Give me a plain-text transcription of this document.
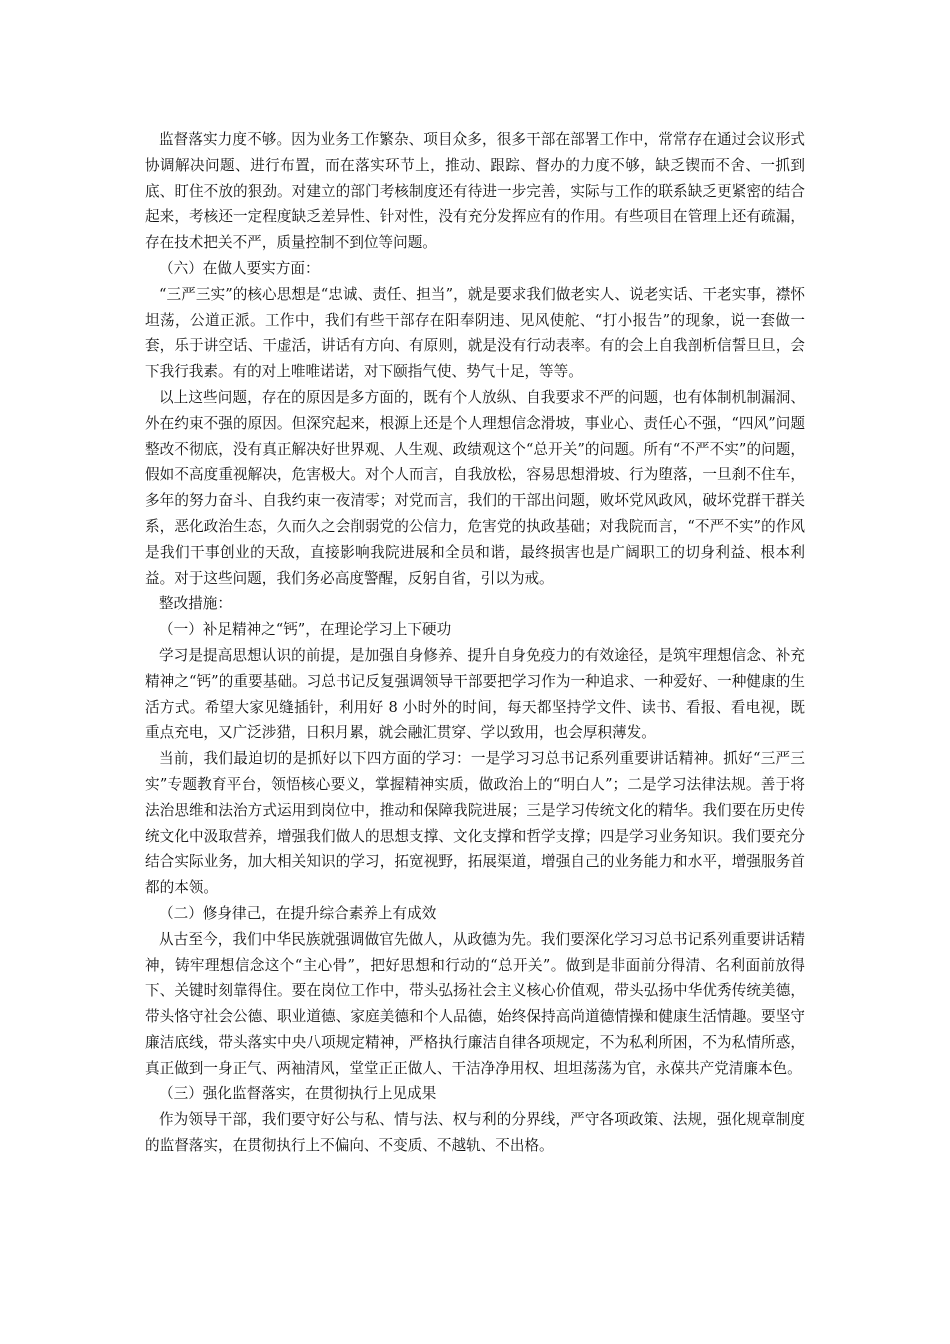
监督落实力度不够。因为业务工作繁杂、项目众多，很多干部在部署工作中，常常存在通过会议形式协调解决问题、进行布置，而在落实环节上，推动、跟踪、督办的力度不够，缺乏锲而不舍、一抓到底、盯住不放的狠劲。对建立的部门考核制度还有待进一步完善，实际与工作的联系缺乏更紧密的结合起来，考核还一定程度缺乏差异性、针对性，没有充分发挥应有的作用。有些项目在管理上还有疏漏，存在技术把关不严，质量控制不到位等问题。

（六）在做人要实方面：

“三严三实”的核心思想是“忠诚、责任、担当”，就是要求我们做老实人、说老实话、干老实事，襟怀坦荡，公道正派。工作中，我们有些干部存在阳奉阴违、见风使舵、“打小报告”的现象，说一套做一套，乐于讲空话、干虚活，讲话有方向、有原则，就是没有行动表率。有的会上自我剖析信誓旦旦，会下我行我素。有的对上唯唯诺诺，对下颐指气使、势气十足，等等。

以上这些问题，存在的原因是多方面的，既有个人放纵、自我要求不严的问题，也有体制机制漏洞、外在约束不强的原因。但深究起来，根源上还是个人理想信念滑坡，事业心、责任心不强，“四风”问题整改不彻底，没有真正解决好世界观、人生观、政绩观这个“总开关”的问题。所有“不严不实”的问题，假如不高度重视解决，危害极大。对个人而言，自我放松，容易思想滑坡、行为堕落，一旦刹不住车，多年的努力奋斗、自我约束一夜清零；对党而言，我们的干部出问题，败坏党风政风，破坏党群干群关系，恶化政治生态，久而久之会削弱党的公信力，危害党的执政基础；对我院而言，“不严不实”的作风是我们干事创业的天敌，直接影响我院进展和全员和谐，最终损害也是广阔职工的切身利益、根本利益。对于这些问题，我们务必高度警醒，反躬自省，引以为戒。

整改措施：

（一）补足精神之“钙”，在理论学习上下硬功

学习是提高思想认识的前提，是加强自身修养、提升自身免疫力的有效途径，是筑牢理想信念、补充精神之“钙”的重要基础。习总书记反复强调领导干部要把学习作为一种追求、一种爱好、一种健康的生活方式。希望大家见缝插针，利用好 8 小时外的时间，每天都坚持学文件、读书、看报、看电视，既重点充电，又广泛涉猎，日积月累，就会融汇贯穿、学以致用，也会厚积薄发。

当前，我们最迫切的是抓好以下四方面的学习：一是学习习总书记系列重要讲话精神。抓好“三严三实”专题教育平台，领悟核心要义，掌握精神实质，做政治上的“明白人”；二是学习法律法规。善于将法治思维和法治方式运用到岗位中，推动和保障我院进展；三是学习传统文化的精华。我们要在历史传统文化中汲取营养，增强我们做人的思想支撑、文化支撑和哲学支撑；四是学习业务知识。我们要充分结合实际业务，加大相关知识的学习，拓宽视野，拓展渠道，增强自己的业务能力和水平，增强服务首都的本领。

（二）修身律己，在提升综合素养上有成效

从古至今，我们中华民族就强调做官先做人，从政德为先。我们要深化学习习总书记系列重要讲话精神，铸牢理想信念这个“主心骨”，把好思想和行动的“总开关”。做到是非面前分得清、名利面前放得下、关键时刻靠得住。要在岗位工作中，带头弘扬社会主义核心价值观，带头弘扬中华优秀传统美德，带头恪守社会公德、职业道德、家庭美德和个人品德，始终保持高尚道德情操和健康生活情趣。要坚守廉洁底线，带头落实中央八项规定精神，严格执行廉洁自律各项规定，不为私利所困，不为私情所惑，真正做到一身正气、两袖清风，堂堂正正做人、干洁净净用权、坦坦荡荡为官，永葆共产党清廉本色。

（三）强化监督落实，在贯彻执行上见成果

作为领导干部，我们要守好公与私、情与法、权与利的分界线，严守各项政策、法规，强化规章制度的监督落实，在贯彻执行上不偏向、不变质、不越轨、不出格。
